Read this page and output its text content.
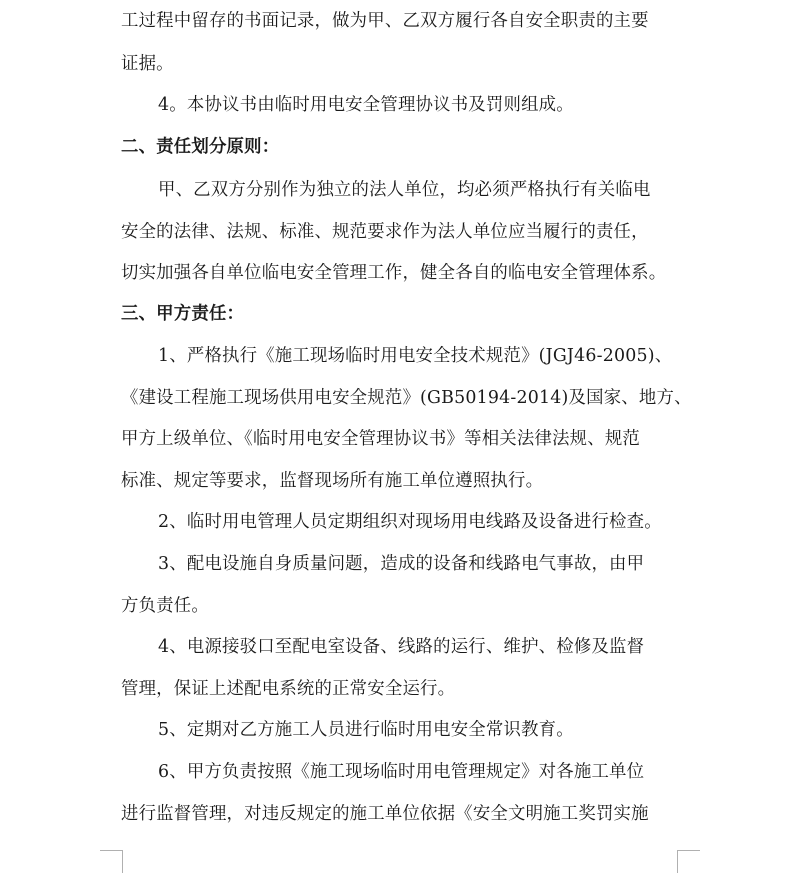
工过程中留存的书面记录，做为甲、乙双方履行各自安全职责的主要
证据。
4。本协议书由临时用电安全管理协议书及罚则组成。
二、责任划分原则：
甲、乙双方分别作为独立的法人单位，均必须严格执行有关临电
安全的法律、法规、标准、规范要求作为法人单位应当履行的责任，
切实加强各自单位临电安全管理工作，健全各自的临电安全管理体系。
三、甲方责任：
1、严格执行《施工现场临时用电安全技术规范》(JGJ46-2005)、
《建设工程施工现场供用电安全规范》(GB50194-2014)及国家、地方、
甲方上级单位、《临时用电安全管理协议书》等相关法律法规、规范
标准、规定等要求，监督现场所有施工单位遵照执行。
2、临时用电管理人员定期组织对现场用电线路及设备进行检查。
3、配电设施自身质量问题，造成的设备和线路电气事故，由甲
方负责任。
4、电源接驳口至配电室设备、线路的运行、维护、检修及监督
管理，保证上述配电系统的正常安全运行。
5、定期对乙方施工人员进行临时用电安全常识教育。
6、甲方负责按照《施工现场临时用电管理规定》对各施工单位
进行监督管理，对违反规定的施工单位依据《安全文明施工奖罚实施
